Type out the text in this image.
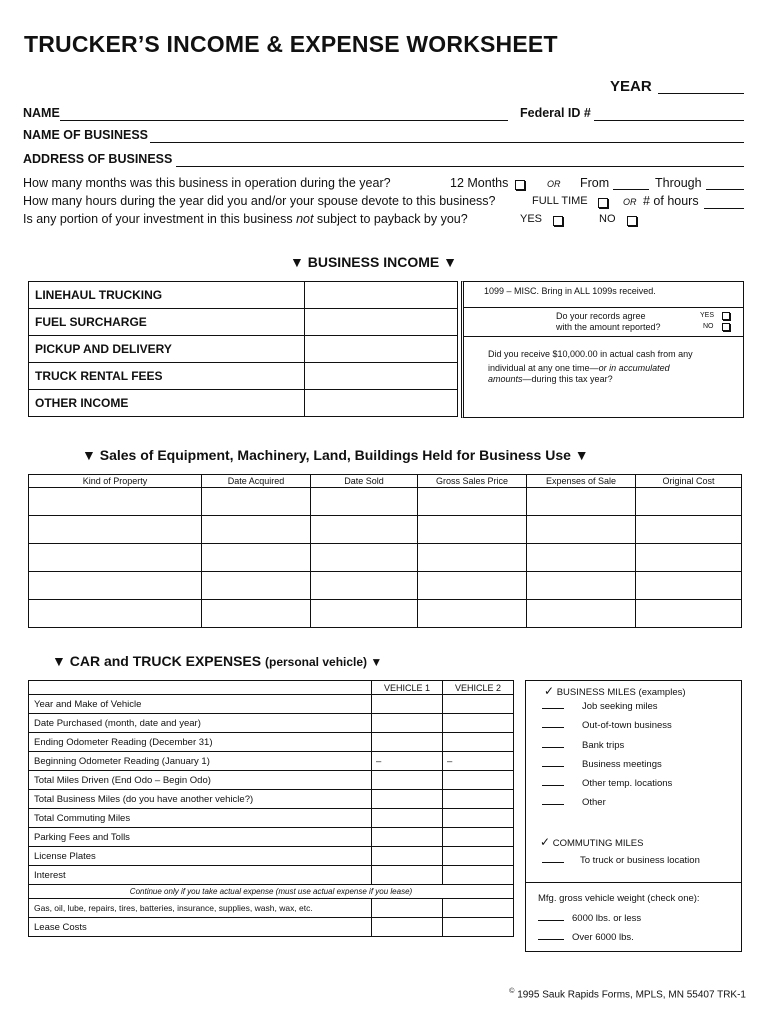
TRUCKER’S INCOME & EXPENSE WORKSHEET
YEAR
NAME	Federal ID #
NAME OF BUSINESS
ADDRESS OF BUSINESS
How many months was this business in operation during the year?	12 Months	OR From	Through
How many hours during the year did you and/or your spouse devote to this business?	FULL TIME	OR # of hours
Is any portion of your investment in this business not subject to payback by you?	YES	NO
▼ BUSINESS INCOME ▼
LINEHAUL TRUCKING	
FUEL SURCHARGE	
PICKUP AND DELIVERY	
TRUCK RENTAL FEES	
OTHER INCOME	
1099 – MISC. Bring in ALL 1099s received.
Do your records agree
with the amount reported?
YES
NO
Did you receive $10,000.00 in actual cash from any
individual at any one time—or in accumulated
amounts—during this tax year?
▼ Sales of Equipment, Machinery, Land, Buildings Held for Business Use ▼
Kind of Property	Date Acquired	Date Sold	Gross Sales Price	Expenses of Sale	Original Cost

▼ CAR and TRUCK EXPENSES (personal vehicle) ▼
	VEHICLE 1	VEHICLE 2
Year and Make of Vehicle		
Date Purchased (month, date and year)		
Ending Odometer Reading (December 31)		
Beginning Odometer Reading (January 1)	–	–
Total Miles Driven (End Odo – Begin Odo)		
Total Business Miles (do you have another vehicle?)		
Total Commuting Miles		
Parking Fees and Tolls		
License Plates		
Interest		
Continue only if you take actual expense (must use actual expense if you lease)		
Gas, oil, lube, repairs, tires, batteries, insurance, supplies, wash, wax, etc.		
Lease Costs		
✓ BUSINESS MILES (examples)
Job seeking miles
Out-of-town business
Bank trips
Business meetings
Other temp. locations
Other
✓ COMMUTING MILES
To truck or business location
Mfg. gross vehicle weight (check one):
6000 lbs. or less
Over 6000 lbs.
© 1995 Sauk Rapids Forms, MPLS, MN 55407 TRK-1
